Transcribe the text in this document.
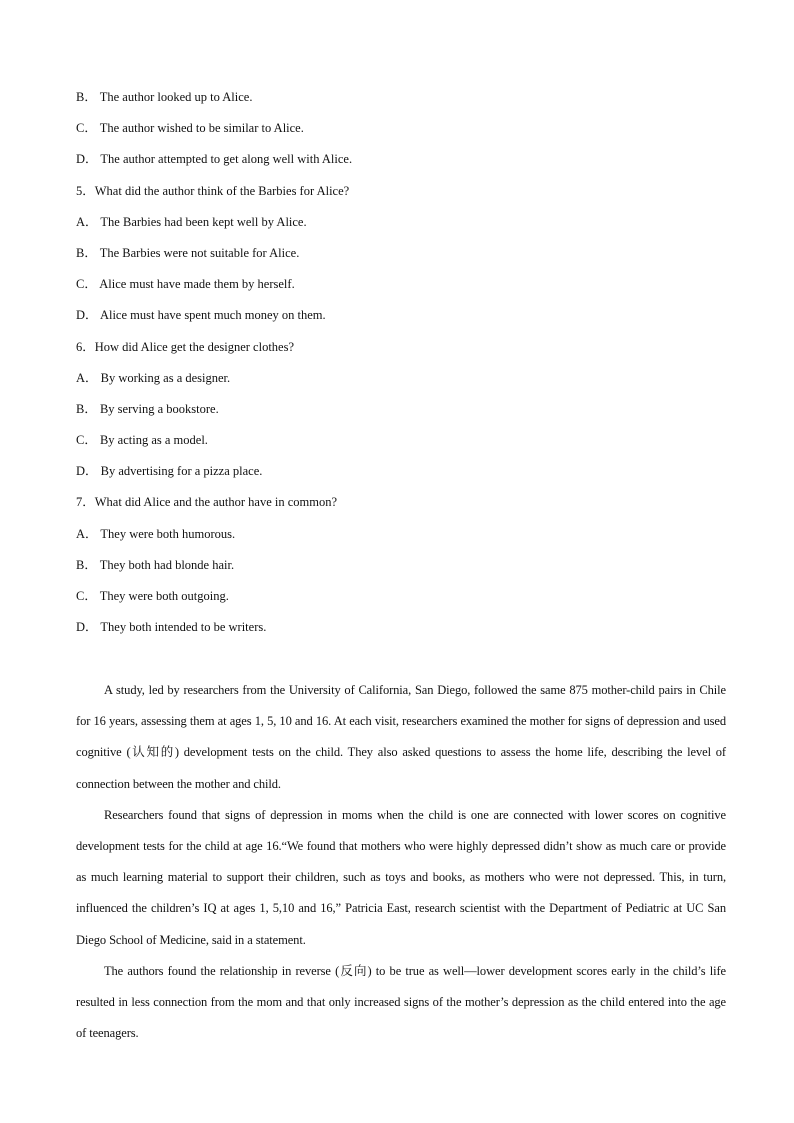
B． The author looked up to Alice.
C． The author wished to be similar to Alice.
D． The author attempted to get along well with Alice.
5．What did the author think of the Barbies for Alice?
A． The Barbies had been kept well by Alice.
B． The Barbies were not suitable for Alice.
C． Alice must have made them by herself.
D． Alice must have spent much money on them.
6．How did Alice get the designer clothes?
A． By working as a designer.
B． By serving a bookstore.
C． By acting as a model.
D． By advertising for a pizza place.
7．What did Alice and the author have in common?
A． They were both humorous.
B． They both had blonde hair.
C． They were both outgoing.
D． They both intended to be writers.

A study, led by researchers from the University of California, San Diego, followed the same 875 mother-child pairs in Chile for 16 years, assessing them at ages 1, 5, 10 and 16. At each visit, researchers examined the mother for signs of depression and used cognitive (认知的) development tests on the child. They also asked questions to assess the home life, describing the level of connection between the mother and child.

Researchers found that signs of depression in moms when the child is one are connected with lower scores on cognitive development tests for the child at age 16.“We found that mothers who were highly depressed didn’t show as much care or provide as much learning material to support their children, such as toys and books, as mothers who were not depressed. This, in turn, influenced the children’s IQ at ages 1, 5,10 and 16,” Patricia East, research scientist with the Department of Pediatric at UC San Diego School of Medicine, said in a statement.

The authors found the relationship in reverse (反向) to be true as well—lower development scores early in the child’s life resulted in less connection from the mom and that only increased signs of the mother’s depression as the child entered into the age of teenagers.
